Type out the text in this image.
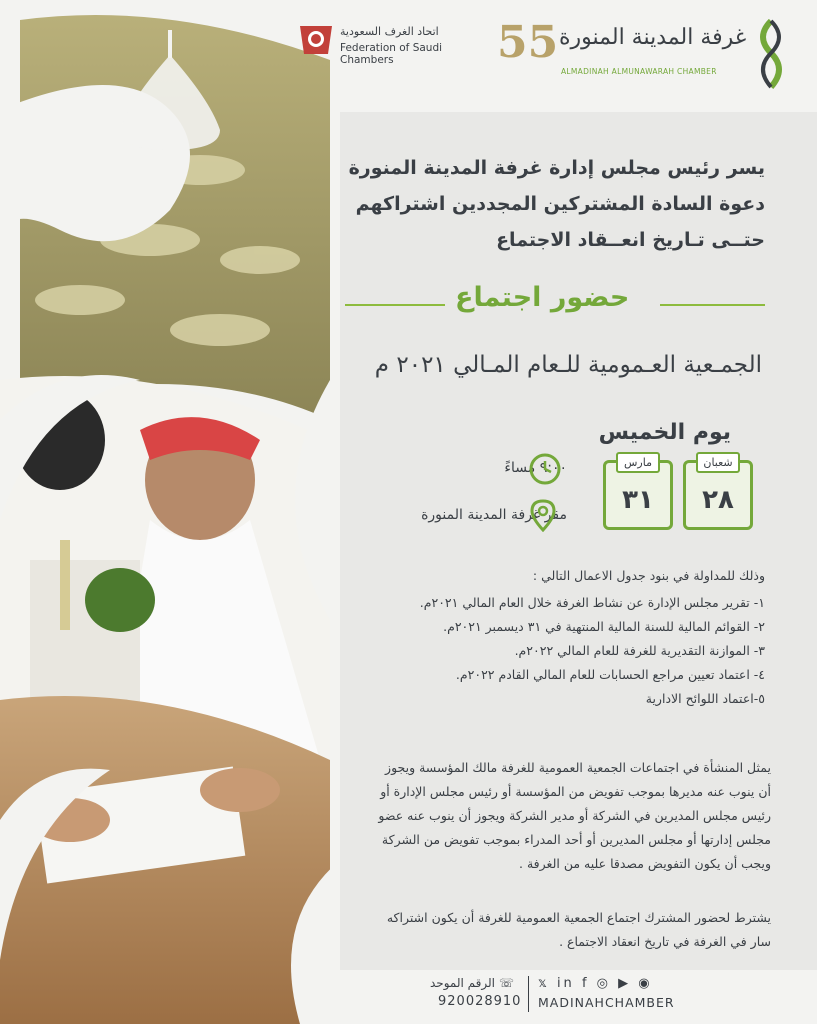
اتحاد الغرف السعودية
Federation of Saudi Chambers	55 غرفة المدينة المنورة
ALMADINAH ALMUNAWARAH CHAMBER
يسر رئيس مجلس إدارة غرفة المدينة المنورة
دعوة السادة المشتركين المجددين اشتراكهم
حتــى تـاريخ انعــقاد الاجتماع
حضور اجتماع
الجمـعية العـمومية للـعام المـالي ٢٠٢١ م
يوم الخميس
شعبان
٢٨
مارس
٣١
٩:٠٠ مساءً
مقر غرفة المدينة المنورة
وذلك للمداولة في بنود جدول الاعمال التالي :
١- تقرير مجلس الإدارة عن نشاط الغرفة خلال العام المالي ٢٠٢١م.
٢- القوائم المالية للسنة المالية المنتهية في ٣١ ديسمبر ٢٠٢١م.
٣- الموازنة التقديرية للغرفة للعام المالي ٢٠٢٢م.
٤- اعتماد تعيين مراجع الحسابات للعام المالي القادم ٢٠٢٢م.
٥-اعتماد اللوائح الادارية
يمثل المنشأة في اجتماعات الجمعية العمومية للغرفة مالك المؤسسة ويجوز
أن ينوب عنه مديرها بموجب تفويض من المؤسسة أو رئيس مجلس الإدارة أو
رئيس مجلس المديرين في الشركة أو مدير الشركة ويجوز أن ينوب عنه عضو
مجلس إدارتها أو مجلس المديرين أو أحد المدراء بموجب تفويض من الشركة
ويجب أن يكون التفويض مصدقا عليه من الغرفة .
يشترط لحضور المشترك اجتماع الجمعية العمومية للغرفة أن يكون اشتراكه
سار في الغرفة في تاريخ انعقاد الاجتماع .
☏ الرقم الموحد
920028910
𝕩 in f ◎ ▶ ◉
MADINAHCHAMBER
